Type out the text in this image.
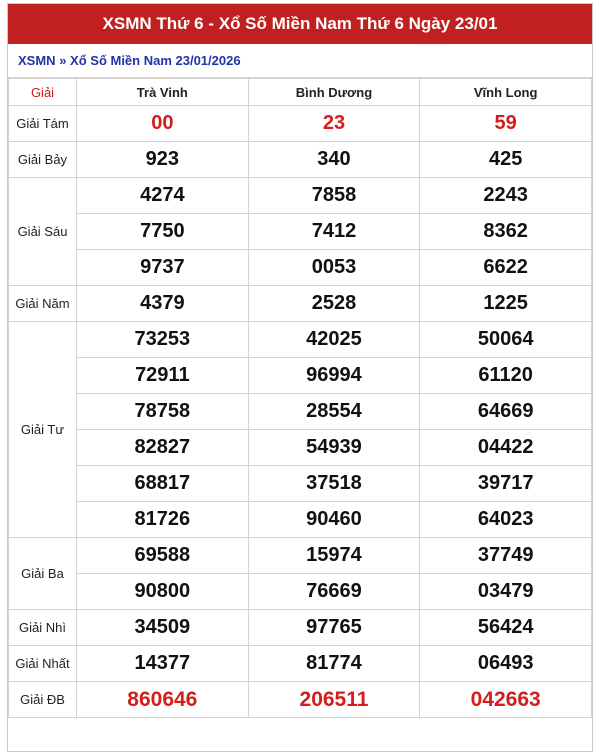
XSMN Thứ 6 - Xổ Số Miền Nam Thứ 6 Ngày 23/01
XSMN » Xổ Số Miền Nam 23/01/2026
Giải	Trà Vinh	Bình Dương	Vĩnh Long
Giải Tám	00	23	59
Giải Bảy	923	340	425
Giải Sáu	4274	7858	2243
	7750	7412	8362
	9737	0053	6622
Giải Năm	4379	2528	1225
Giải Tư	73253	42025	50064
	72911	96994	61120
	78758	28554	64669
	82827	54939	04422
	68817	37518	39717
	81726	90460	64023
Giải Ba	69588	15974	37749
	90800	76669	03479
Giải Nhì	34509	97765	56424
Giải Nhất	14377	81774	06493
Giải ĐB	860646	206511	042663
